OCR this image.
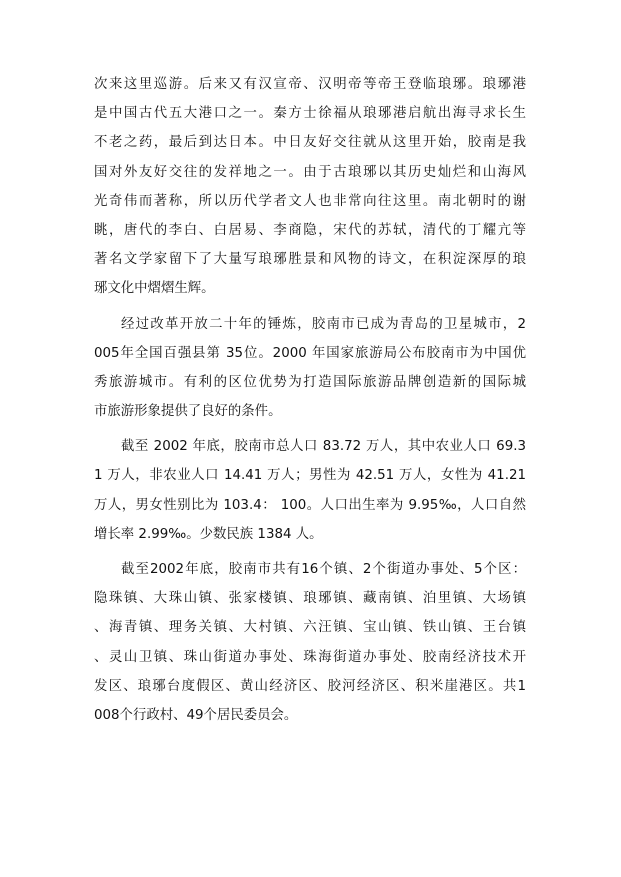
次来这里巡游。后来又有汉宣帝、汉明帝等帝王登临琅琊。琅琊港
是中国古代五大港口之一。秦方士徐福从琅琊港启航出海寻求长生
不老之药，最后到达日本。中日友好交往就从这里开始，胶南是我
国对外友好交往的发祥地之一。由于古琅琊以其历史灿烂和山海风
光奇伟而著称，所以历代学者文人也非常向往这里。南北朝时的谢
眺，唐代的李白、白居易、李商隐，宋代的苏轼，清代的丁耀亢等
著名文学家留下了大量写琅琊胜景和风物的诗文，在积淀深厚的琅
琊文化中熠熠生辉。
经过改革开放二十年的锤炼，胶南市已成为青岛的卫星城市，2
005年全国百强县第 35位。2000 年国家旅游局公布胶南市为中国优
秀旅游城市。有利的区位优势为打造国际旅游品牌创造新的国际城
市旅游形象提供了良好的条件。
截至 2002 年底，胶南市总人口 83.72 万人，其中农业人口 69.3
1 万人，非农业人口 14.41 万人；男性为 42.51 万人，女性为 41.21
万人，男女性别比为 103.4： 100。人口出生率为 9.95‰，人口自然
增长率 2.99‰。少数民族 1384 人。
截至2002年底，胶南市共有16个镇、2个街道办事处、5个区：
隐珠镇、大珠山镇、张家楼镇、琅琊镇、藏南镇、泊里镇、大场镇
、海青镇、理务关镇、大村镇、六汪镇、宝山镇、铁山镇、王台镇
、灵山卫镇、珠山街道办事处、珠海街道办事处、胶南经济技术开
发区、琅琊台度假区、黄山经济区、胶河经济区、积米崖港区。共1
008个行政村、49个居民委员会。
